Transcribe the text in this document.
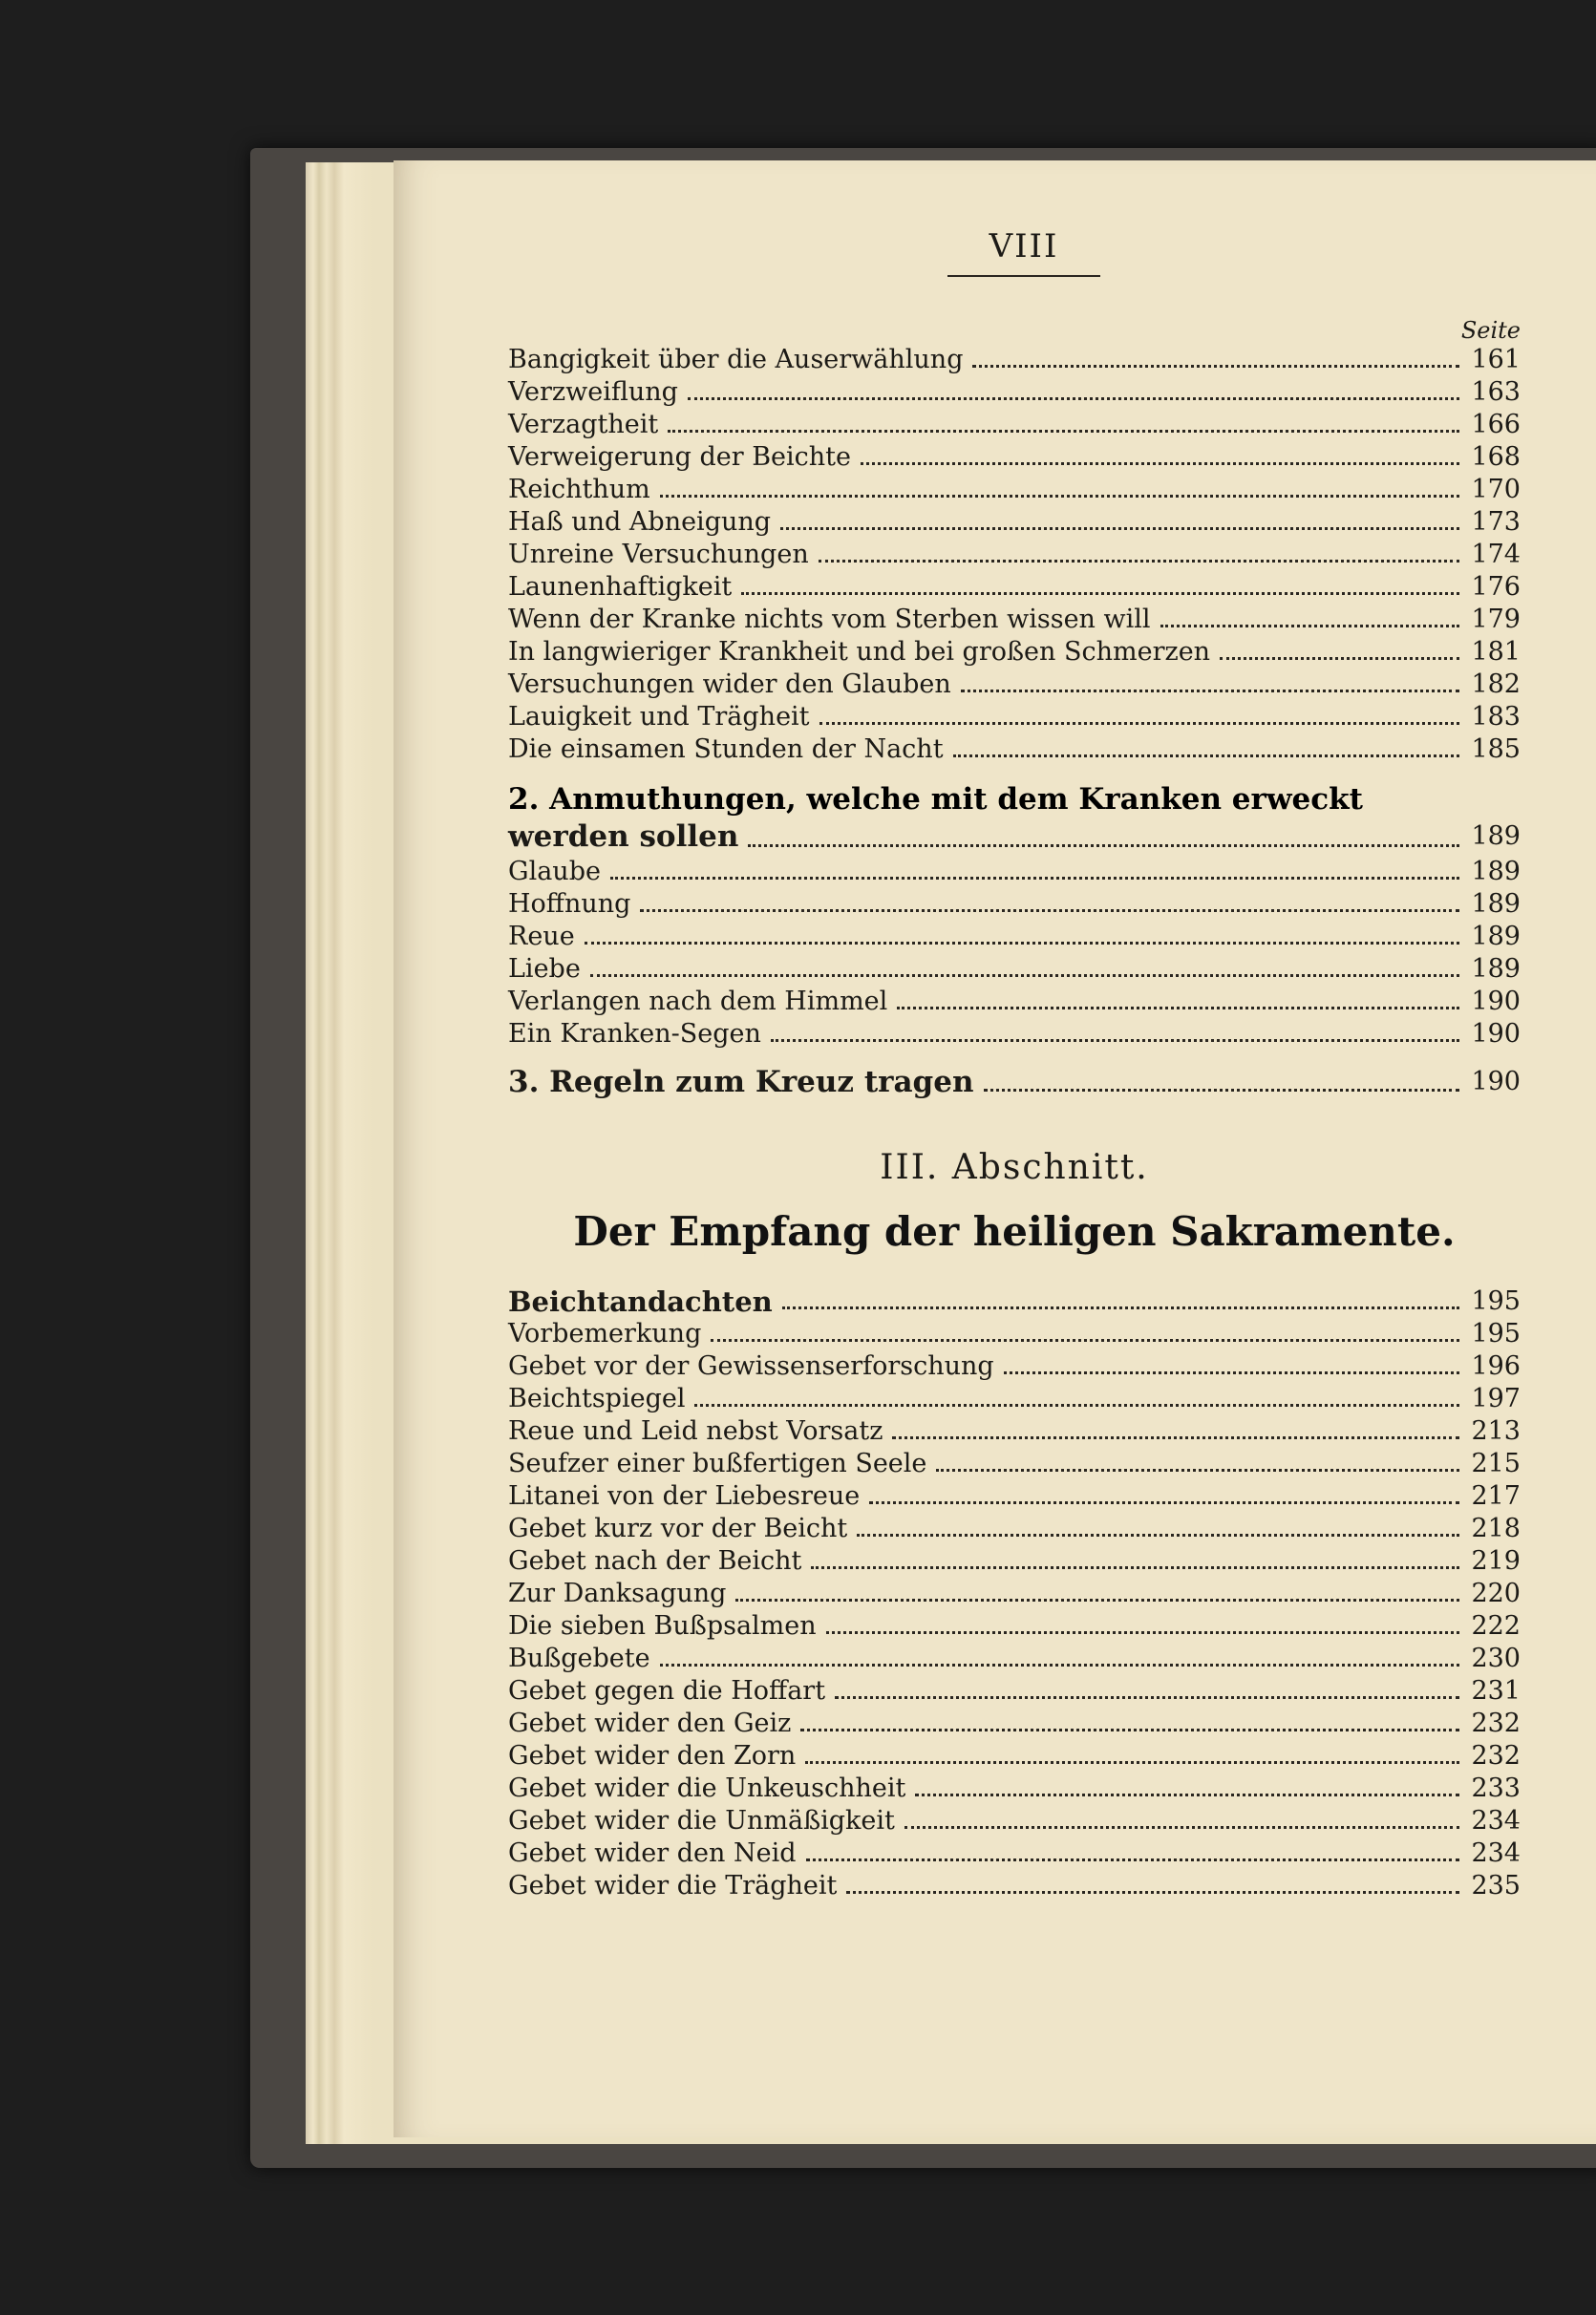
VIII
Seite
Bangigkeit über die Auserwählung	161
Verzweiflung	163
Verzagtheit	166
Verweigerung der Beichte	168
Reichthum	170
Haß und Abneigung	173
Unreine Versuchungen	174
Launenhaftigkeit	176
Wenn der Kranke nichts vom Sterben wissen will	179
In langwieriger Krankheit und bei großen Schmerzen	181
Versuchungen wider den Glauben	182
Lauigkeit und Trägheit	183
Die einsamen Stunden der Nacht	185
2. Anmuthungen, welche mit dem Kranken erweckt
werden sollen	189
Glaube	189
Hoffnung	189
Reue	189
Liebe	189
Verlangen nach dem Himmel	190
Ein Kranken-Segen	190
3. Regeln zum Kreuz tragen	190
III. Abschnitt.
Der Empfang der heiligen Sakramente.
Beichtandachten	195
Vorbemerkung	195
Gebet vor der Gewissenserforschung	196
Beichtspiegel	197
Reue und Leid nebst Vorsatz	213
Seufzer einer bußfertigen Seele	215
Litanei von der Liebesreue	217
Gebet kurz vor der Beicht	218
Gebet nach der Beicht	219
Zur Danksagung	220
Die sieben Bußpsalmen	222
Bußgebete	230
Gebet gegen die Hoffart	231
Gebet wider den Geiz	232
Gebet wider den Zorn	232
Gebet wider die Unkeuschheit	233
Gebet wider die Unmäßigkeit	234
Gebet wider den Neid	234
Gebet wider die Trägheit	235
